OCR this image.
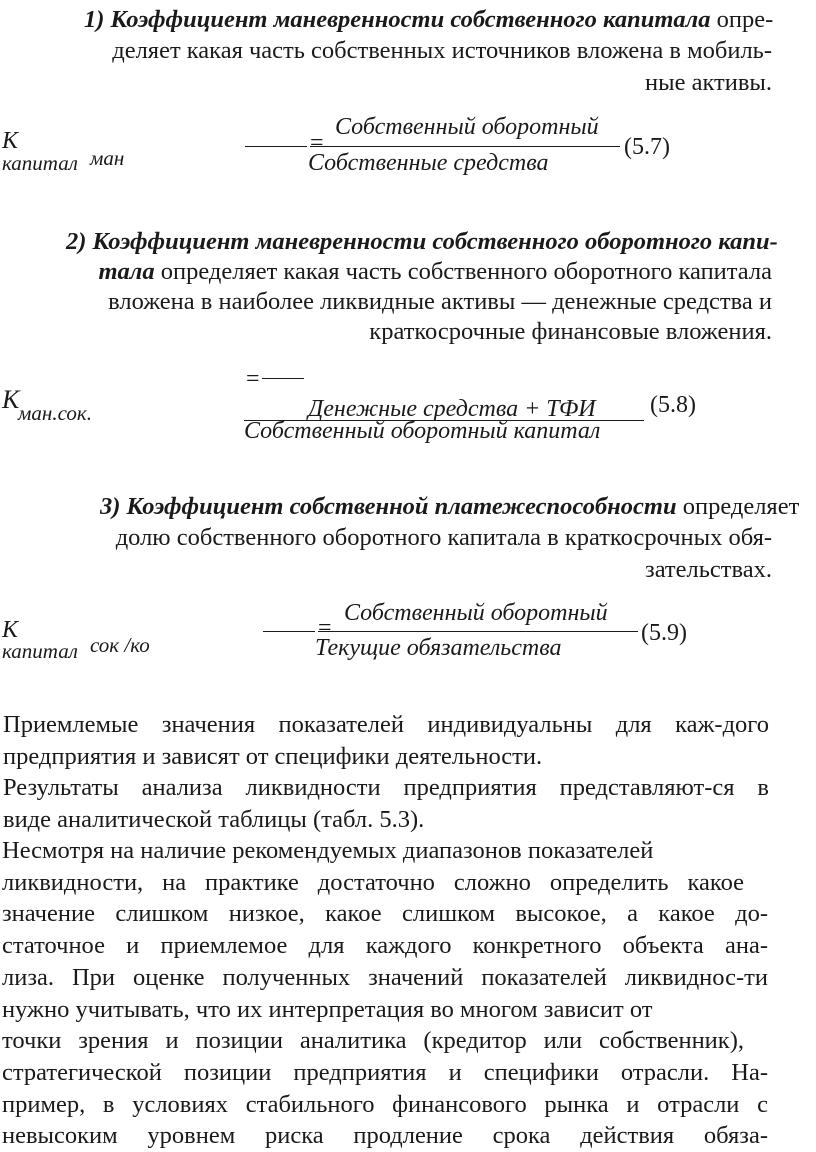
1) Коэффициент маневренности собственного капитала опре-
деляет какая часть собственных источников вложена в мобиль-
ные активы.
К
капитал ман
=
Собственный оборотный
Собственные средства
(5.7)
2) Коэффициент маневренности собственного оборотного капи-
тала определяет какая часть собственного оборотного капитала
вложена в наиболее ликвидные активы — денежные средства и
краткосрочные финансовые вложения.
К
ман.сок.
=
Денежные средства + ТФИ
Собственный оборотный капитал
(5.8)
3) Коэффициент собственной платежеспособности определяет
долю собственного оборотного капитала в краткосрочных обя-
зательствах.
К
капитал сок /ко
=
Собственный оборотный
Текущие обязательства
(5.9)
Приемлемые значения показателей индивидуальны для каж-дого
предприятия и зависят от специфики деятельности.
Результаты анализа ликвидности предприятия представляют-ся в
виде аналитической таблицы (табл. 5.3).
Несмотря на наличие рекомендуемых диапазонов показателей
ликвидности, на практике достаточно сложно определить какое
значение слишком низкое, какое слишком высокое, а какое до-
статочное и приемлемое для каждого конкретного объекта ана-
лиза. При оценке полученных значений показателей ликвиднос-ти
нужно учитывать, что их интерпретация во многом зависит от
точки зрения и позиции аналитика (кредитор или собственник),
стратегической позиции предприятия и специфики отрасли. На-
пример, в условиях стабильного финансового рынка и отрасли с
невысоким уровнем риска продление срока действия обяза-
